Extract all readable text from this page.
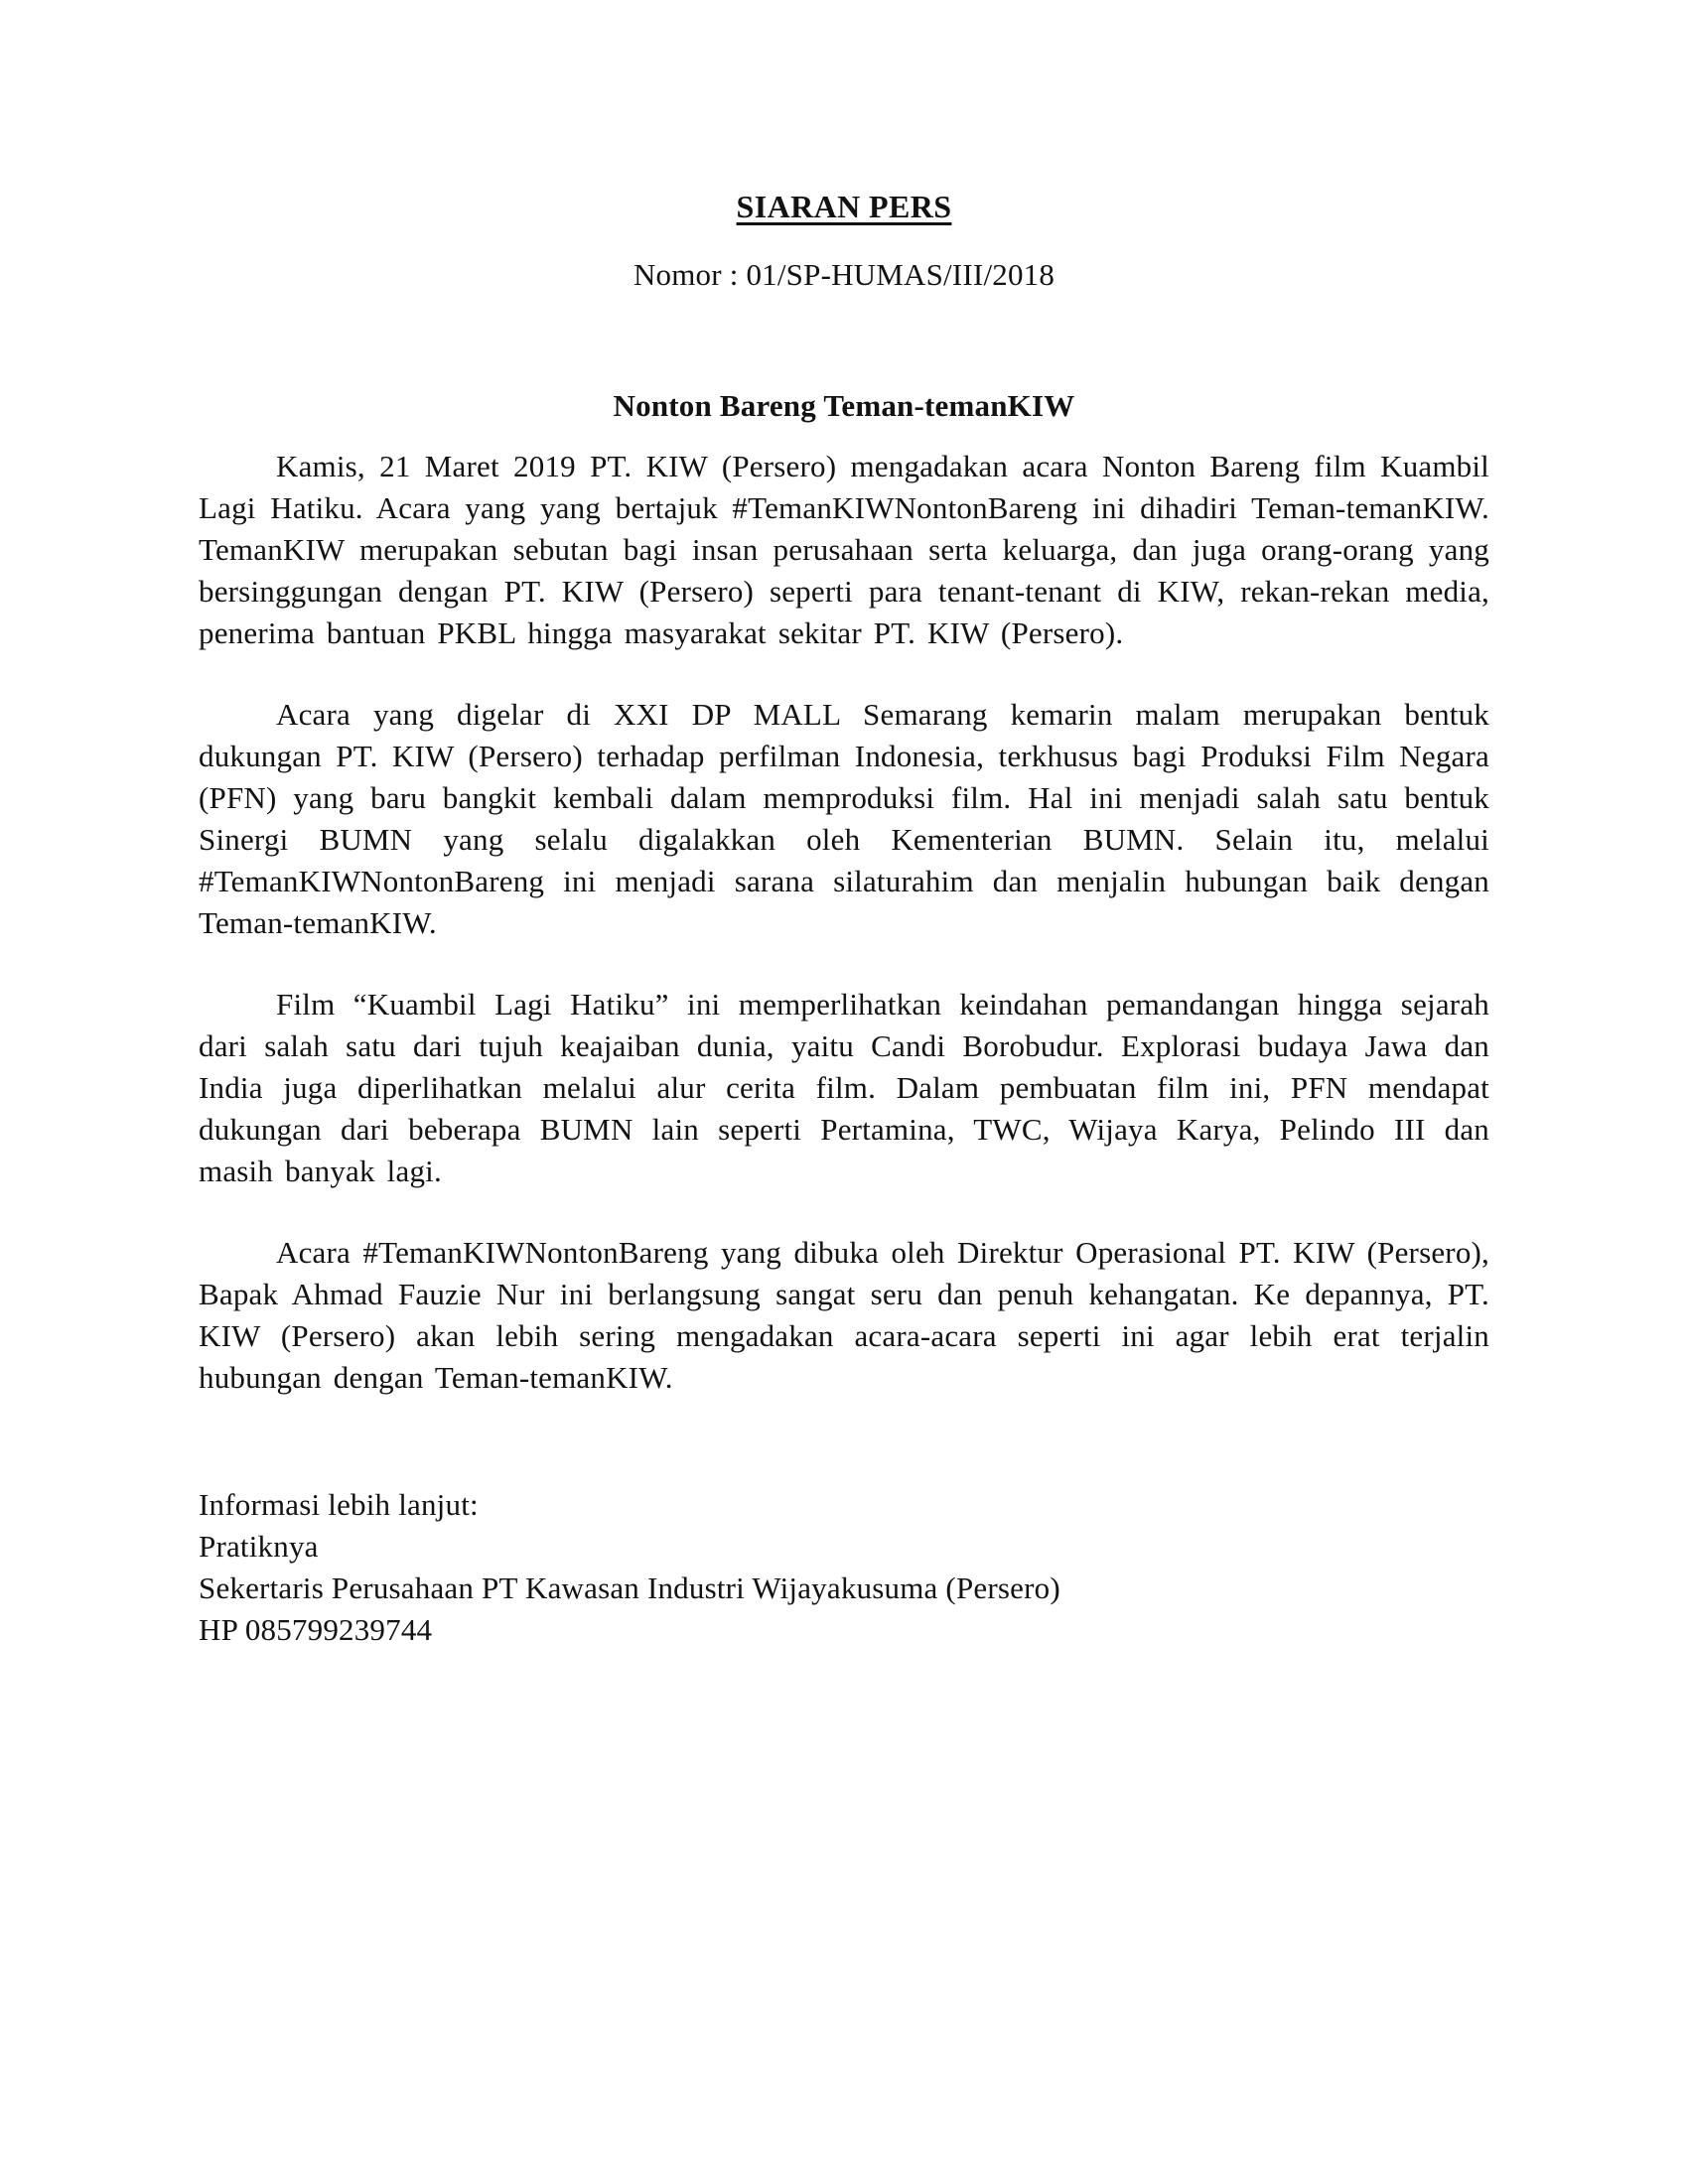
SIARAN PERS
Nomor : 01/SP-HUMAS/III/2018
Nonton Bareng Teman-temanKIW

Kamis, 21 Maret 2019 PT. KIW (Persero) mengadakan acara Nonton Bareng film Kuambil Lagi Hatiku. Acara yang yang bertajuk #TemanKIWNontonBareng ini dihadiri Teman-temanKIW. TemanKIW merupakan sebutan bagi insan perusahaan serta keluarga, dan juga orang-orang yang bersinggungan dengan PT. KIW (Persero) seperti para tenant-tenant di KIW, rekan-rekan media, penerima bantuan PKBL hingga masyarakat sekitar PT. KIW (Persero).

Acara yang digelar di XXI DP MALL Semarang kemarin malam merupakan bentuk dukungan PT. KIW (Persero) terhadap perfilman Indonesia, terkhusus bagi Produksi Film Negara (PFN) yang baru bangkit kembali dalam memproduksi film. Hal ini menjadi salah satu bentuk Sinergi BUMN yang selalu digalakkan oleh Kementerian BUMN. Selain itu, melalui #TemanKIWNontonBareng ini menjadi sarana silaturahim dan menjalin hubungan baik dengan Teman-temanKIW.

Film “Kuambil Lagi Hatiku” ini memperlihatkan keindahan pemandangan hingga sejarah dari salah satu dari tujuh keajaiban dunia, yaitu Candi Borobudur. Explorasi budaya Jawa dan India juga diperlihatkan melalui alur cerita film. Dalam pembuatan film ini, PFN mendapat dukungan dari beberapa BUMN lain seperti Pertamina, TWC, Wijaya Karya, Pelindo III dan masih banyak lagi.

Acara #TemanKIWNontonBareng yang dibuka oleh Direktur Operasional PT. KIW (Persero), Bapak Ahmad Fauzie Nur ini berlangsung sangat seru dan penuh kehangatan. Ke depannya, PT. KIW (Persero) akan lebih sering mengadakan acara-acara seperti ini agar lebih erat terjalin hubungan dengan Teman-temanKIW.

Informasi lebih lanjut:
Pratiknya
Sekertaris Perusahaan PT Kawasan Industri Wijayakusuma (Persero)
HP 085799239744
